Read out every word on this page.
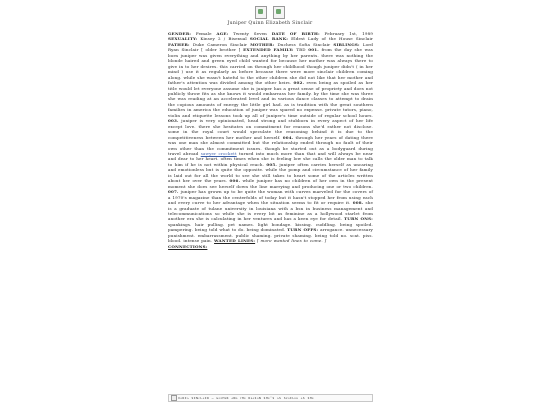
Juniper Quinn Elizabeth Sinclair
GENDER: Female AGE: Twenty Seven DATE OF BIRTH: February 1st, 1989 SEXUALITY: Kinsey 2 / Bisexual SOCIAL RANK: Eldest Lady of the House Sinclair FATHER: Duke Cameron Sinclair MOTHER: Duchess Sofia Sinclair SIBLINGS: Lord Ryan Sinclair [ older brother ] EXTENDED FAMILY: TBD 001. from the day she was born juniper was given everything and anything by her parents. there was nothing the blonde haired and green eyed child wanted for because her mother was always there to give in to her desires. this carried on through her childhood though juniper didn't ( in her mind ) use it as regularly as before because there were more sinclair children coming along. while she wasn't hateful to the other children she did not like that her mother and father's attention was divided among the other heirs. 002. even being as spoiled as her title would let everyone assume she is juniper has a great sense of propriety and does not publicly throw fits as she knows it would embarrass her family. by the time she was three she was reading at an accelerated level and in various dance classes to attempt to drain the copious amounts of energy the little girl had. as is tradition with the great southern families in america the education of juniper was spared no expense. private tutors, piano, violin and etiquette lessons took up all of juniper's time outside of regular school hours. 003. juniper is very opinionated, head strong and stubborn in every aspect of her life except love. there she hesitates on commitment for reasons she'd rather not disclose. some in the royal court would speculate the reasoning behind it is due to the competitiveness between her mother and herself. 004. through her years of dating there was one man she almost committed but the relationship ended through no fault of their own other than the commitment issues. though he started out as a bodyguard during travel abroad sawyer crockett turned into much more than that and will always be near and dear to her heart. often times when she is feeling low she calls the older man to talk to him if he is not within physical reach. 005. juniper often carries herself as uncaring and emotionless but is quite the opposite. while the pomp and circumstance of her family is laid out for all the world to see she still takes to heart some of the articles written about her over the years. 006. while juniper has no children of her own in the present moment she does see herself down the line marrying and producing one or two children. 007. juniper has grown up to be quite the woman with curves marveled for the covers of a 1970's magazine than the centerfolds of today but it hasn't stopped her from using each and every curve to her advantage when the situation seems to fit or require it. 008. she is a graduate of tulane university in louisiana with a bsn in business management and telecommunications so while she is every bit as feminine as a hollywood starlet from another era she is calculating in her ventures and has a keen eye for detail. TURN ONS: spankings. hair pulling. pet names. light bondage. kissing. cuddling. being spoiled. pampering. being told what to do. being dominated. TURN OFFS: arrogance. unnecessary punishment. embarrassment. public shaming. private shaming. being told no. scat. piss. blood. intense pain. WANTED LINES: [ more wanted lines to come. ]
CONNECTIONS:
ɪᴏʀɪᴀ sɪɴᴄʟᴀɪʀ — ᴍᴏᴛʜᴇʀ ᴀɴᴅ ᴛʜᴇ ʀᴇᴀsᴏɴ sʜᴇ's ᴀs sᴘᴏɪʟᴇᴅ ᴀs sʜᴇ
